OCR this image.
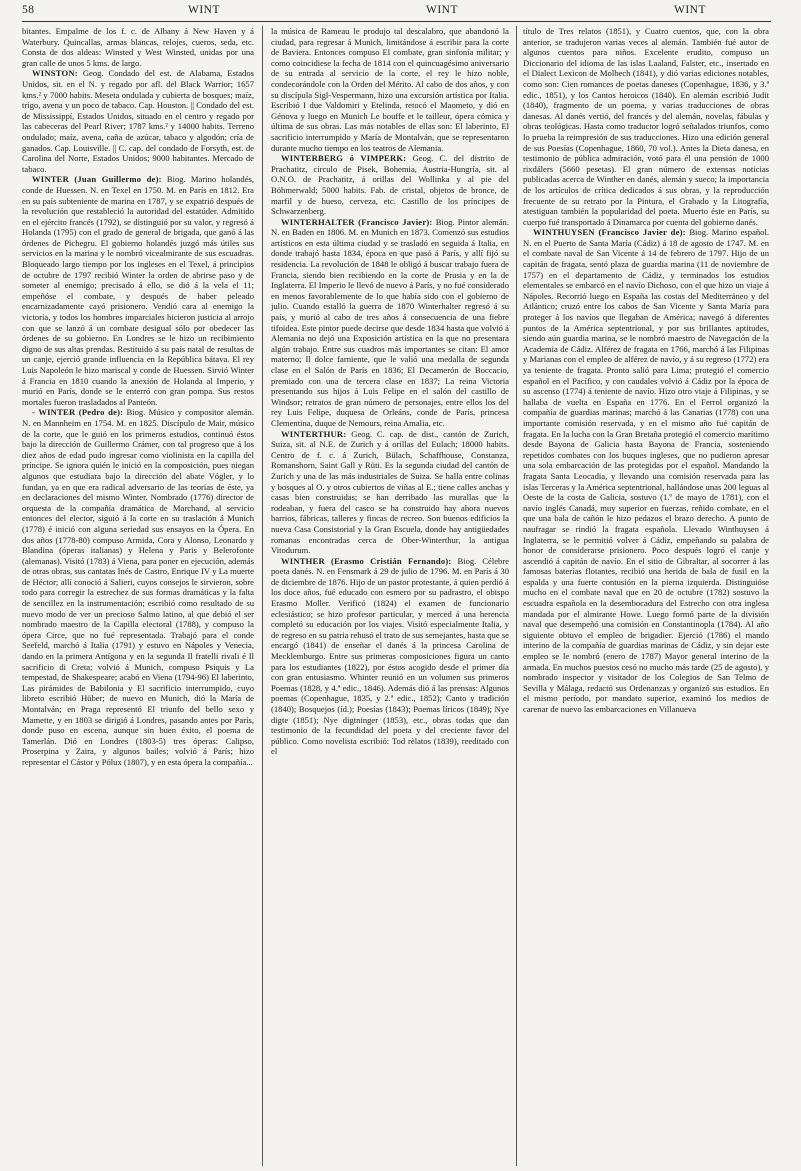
58	WINT	WINT	WINT

bitantes. Empalme de los f. c. de Albany á New Haven y á Waterbury. Quincallas, armas blancas, relojes, cueros, seda, etc. Consta de dos aldeas: Winsted y West Winsted, unidas por una gran calle de unos 5 kms. de largo.

WINSTON: Geog. Condado del est. de Alabama, Estados Unidos, sit. en el N. y regado por afl. del Black Warrior; 1657 kms.² y 7000 habits. Meseta ondulada y cubierta de bosques; maíz, trigo, avena y un poco de tabaco. Cap. Houston. || Condado del est. de Mississippí, Estados Unidos, situado en el centro y regado por las cabeceras del Pearl River; 1787 kms.² y 14000 habits. Terreno ondulado; maíz, avena, caña de azúcar, tabaco y algodón; cría de ganados. Cap. Louisville. || C. cap. del condado de Forsyth, est. de Carolina del Norte, Estados Unidos; 9000 habitantes. Mercado de tabaco.

WINTER (Juan Guillermo de): Biog. Marino holandés, conde de Huessen. N. en Texel en 1750. M. en París en 1812. Era en su país subteniente de marina en 1787, y se expatrió después de la revolución que restableció la autoridad del estatúder. Admitido en el ejército francés (1792), se distinguió por su valor, y regresó á Holanda (1795) con el grado de general de brigada, que ganó á las órdenes de Pichegru. El gobierno holandés juzgó más útiles sus servicios en la marina y le nombró vicealmirante de sus escuadras. Bloqueado largo tiempo por los ingleses en el Texel, á principios de octubre de 1797 recibió Winter la orden de abrirse paso y de someter al enemigo; precisado á ello, se dió á la vela el 11; empeñóse el combate, y después de haber peleado encarnizadamente cayó prisionero. Vendió cara al enemigo la victoria, y todos los hombres imparciales hicieron justicia al arrojo con que se lanzó á un combate desigual sólo por obedecer las órdenes de su gobierno. En Londres se le hizo un recibimiento digno de sus altas prendas. Restituido á su país natal de resultas de un canje, ejerció grande influencia en la República bátava. El rey Luis Napoleón le hizo mariscal y conde de Huessen. Sirvió Winter á Francia en 1810 cuando la anexión de Holanda al Imperio, y murió en París, donde se le enterró con gran pompa. Sus restos mortales fueron trasladados al Panteón.

- WINTER (Pedro de): Biog. Músico y compositor alemán. N. en Mannheim en 1754. M. en 1825. Discípulo de Mair, músico de la corte, que le guió en los primeros estudios, continuó éstos bajo la dirección de Guillermo Crámer, con tal progreso que á los diez años de edad pudo ingresar como violinista en la capilla del príncipe. Se ignora quién le inició en la composición, pues niegan algunos que estudiara bajo la dirección del abate Vógler, y lo fundan, ya en que era radical adversario de las teorías de éste, ya en declaraciones del mismo Winter. Nombrado (1776) director de orquesta de la compañía dramática de Marchand, al servicio entonces del elector, siguió á la corte en su traslación á Munich (1778) é inició con alguna seriedad sus ensayos en la Ópera. En dos años (1778-80) compuso Armida, Cora y Alonso, Leonardo y Blandina (óperas italianas) y Helena y Paris y Belerofonte (alemanas). Visitó (1783) á Viena, para poner en ejecución, además de otras obras, sus cantatas Inés de Castro, Enrique IV y La muerte de Héctor; allí conoció á Salieri, cuyos consejos le sirvieron, sobre todo para corregir la estrechez de sus formas dramáticas y la falta de sencillez en la instrumentación; escribió como resultado de su nuevo modo de ver un precioso Salmo latino, al que debió el ser nombrado maestro de la Capilla electoral (1788), y compuso la ópera Circe, que no fué representada. Trabajó para el conde Seefeld, marchó á Italia (1791) y estuvo en Nápoles y Venecia, dando en la primera Antígona y en la segunda Il fratelli rivali é Il sacrificio di Creta; volvió á Munich, compuso Psiquis y La tempestad, de Shakespeare; acabó en Viena (1794-96) El laberinto, Las pirámides de Babilonia y El sacrificio interrumpido, cuyo libreto escribió Hüber; de nuevo en Munich, dió la María de Montalván; en Praga representó El triunfo del bello sexo y Mamette, y en 1803 se dirigió á Londres, pasando antes por París, donde puso en escena, aunque sin buen éxito, el poema de Tamerlán. Dió en Londres (1803-5) tres óperas: Calipso, Proserpina y Zaira, y algunos bailes; volvió á París; hizo representar el Cástor y Pólux (1807), y en esta ópera la compañía...

la música de Rameau le produjo tal descalabro, que abandonó la ciudad, para regresar á Munich, limitándose á escribir para la corte de Baviera. Entonces compuso El combate, gran sinfonía militar; y como coincidiese la fecha de 1814 con el quincuagésimo aniversario de su entrada al servicio de la corte, el rey le hizo noble, condecorándole con la Orden del Mérito. Al cabo de dos años, y con su discípula Sigl-Vespermann, hizo una excursión artística por Italia. Escribió I due Valdomiri y Etelinda, retocó el Maometo, y dió en Génova y luego en Munich Le bouffe et le tailleur, ópera cómica y última de sus obras. Las más notables de ellas son: El laberinto, El sacrificio interrumpido y María de Montalván, que se representaron durante mucho tiempo en los teatros de Alemania.

WINTERBERG ó VIMPERK: Geog. C. del distrito de Prachatitz, círculo de Pisek, Bohemia, Austria-Hungría, sit. al O.N.O. de Prachatitz, á orillas del Wollinka y al pie del Böhmerwald; 5000 habits. Fab. de cristal, objetos de bronce, de marfil y de hueso, cerveza, etc. Castillo de los príncipes de Schwarzenberg.

WINTERHALTER (Francisco Javier): Biog. Pintor alemán. N. en Baden en 1806. M. en Munich en 1873. Comenzó sus estudios artísticos en esta última ciudad y se trasladó en seguida á Italia, en donde trabajó hasta 1834, época en que pasó á París, y allí fijó su residencia. La revolución de 1848 le obligó á buscar trabajo fuera de Francia, siendo bien recibiendo en la corte de Prusia y en la de Inglaterra. El Imperio le llevó de nuevo á París, y no fué considerado en menos favorablemente de lo que había sido con el gobierno de julio. Cuando estalló la guerra de 1870 Winterhalter regresó á su país, y murió al cabo de tres años á consecuencia de una fiebre tifoidea. Este pintor puede decirse que desde 1834 hasta que volvió á Alemania no dejó una Exposición artística en la que no presentara algún trabajo. Entre sus cuadros más importantes se citan: El amor materno; Il dolce farniente, que le valió una medalla de segunda clase en el Salón de París en 1836; El Decamerón de Boccacio, premiado con una de tercera clase en 1837; La reina Victoria presentando sus hijos á Luis Felipe en el salón del castillo de Windsor; retratos de gran número de personajes, entre ellos los del rey Luis Felipe, duquesa de Orleáns, conde de París, princesa Clementina, duque de Nemours, reina Amalia, etc.

WINTERTHUR: Geog. C. cap. de dist., cantón de Zurich, Suiza, sit. al N.E. de Zurich y á orillas del Eulach; 18000 habits. Centro de f. c. á Zurich, Bülach, Schaffhouse, Constanza, Romanshorn, Saint Gall y Rüti. Es la segunda ciudad del cantón de Zurich y una de las más industriales de Suiza. Se halla entre colinas y bosques al O. y otros cubiertos de viñas al E.; tiene calles anchas y casas bien construidas; se han derribado las murallas que la rodeaban, y fuera del casco se ha construido hay ahora nuevos barrios, fábricas, talleres y fincas de recreo. Son buenos edificios la nueva Casa Consistorial y la Gran Escuela, donde hay antigüedades romanas encontradas cerca de Ober-Winterthur, la antigua Vitodurum.

WINTHER (Erasmo Cristián Fernando): Biog. Célebre poeta danés. N. en Fensmark á 29 de julio de 1796. M. en París á 30 de diciembre de 1876. Hijo de un pastor protestante, á quien perdió á los doce años, fué educado con esmero por su padrastro, el obispo Erasmo Moller. Verificó (1824) el examen de funcionario eclesiástico; se hizo profesor particular, y merced á una herencia completó su educación por los viajes. Visitó especialmente Italia, y de regreso en su patria rehusó el trato de sus semejantes, hasta que se encargó (1841) de enseñar el danés á la princesa Carolina de Mecklemburgo. Entre sus primeras composiciones figura un canto para los estudiantes (1822), por éstos acogido desde el primer día con gran entusiasmo. Whinter reunió en un volumen sus primeros Poemas (1828, y 4.ª edic., 1846). Además dió á las prensas: Algunos poemas (Copenhague, 1835, y 2.ª edic., 1852); Canto y tradición (1840); Bosquejos (íd.); Poesías (1843); Poemas líricos (1849); Nye digte (1851); Nye digtninger (1853), etc., obras todas que dan testimonio de la fecundidad del poeta y del creciente favor del público. Como novelista escribió: Tod rèlatos (1839), reeditado con el

título de Tres relatos (1851), y Cuatro cuentos, que, con la obra anterior, se tradujeron varias veces al alemán. También fué autor de algunos cuentos para niños. Excelente erudito, compuso un Diccionario del idioma de las islas Laaland, Falster, etc., insertado en el Dialect Lexicon de Molbech (1841), y dió varias ediciones notables, como son: Cien romances de poetas daneses (Copenhague, 1836, y 3.ª edic., 1851), y los Cantos heroicos (1840). En alemán escribió Judit (1840), fragmento de un poema, y varias traducciones de obras danesas. Al danés vertió, del francés y del alemán, novelas, fábulas y obras teológicas. Hasta como traductor logró señalados triunfos, como lo prueba la reimpresión de sus traducciones. Hizo una edición general de sus Poesías (Copenhague, 1860, 70 vol.). Antes la Dieta danesa, en testimonio de pública admiración, votó para él una pensión de 1000 rixdálers (5660 pesetas). El gran número de extensas noticias publicadas acerca de Winther en danés, alemán y sueco; la importancia de los artículos de crítica dedicados á sus obras, y la reproducción frecuente de su retrato por la Pintura, el Grabado y la Litografía, atestiguan también la popularidad del poeta. Muerto éste en París, su cuerpo fué transportado á Dinamarca por cuenta del gobierno danés.

WINTHUYSEN (Francisco Javier de): Biog. Marino español. N. en el Puerto de Santa María (Cádiz) á 18 de agosto de 1747. M. en el combate naval de San Vicente á 14 de febrero de 1797. Hijo de un capitán de fragata, sentó plaza de guardia marina (11 de noviembre de 1757) en el departamento de Cádiz, y terminados los estudios elementales se embarcó en el navío Dichoso, con el que hizo un viaje á Nápoles. Recorrió luego en España las costas del Mediterráneo y del Atlántico; cruzó entre los cabos de San Vicente y Santa María para proteger á los navíos que llegaban de América; navegó á diferentes puntos de la América septentrional, y por sus brillantes aptitudes, siendo aún guardia marina, se le nombró maestro de Navegación de la Academia de Cádiz. Alférez de fragata en 1766, marchó á las Filipinas y Marianas con el empleo de alférez de navío, y á su regreso (1772) era ya teniente de fragata. Pronto salió para Lima; protegió el comercio español en el Pacífico, y con caudales volvió á Cádiz por la época de su ascenso (1774) á teniente de navío. Hizo otro viaje á Filipinas, y se hallaba de vuelta en España en 1776. En el Ferrol organizó la compañía de guardias marinas; marchó á las Canarias (1778) con una importante comisión reservada, y en el mismo año fué capitán de fragata. En la lucha con la Gran Bretaña protegió el comercio marítimo desde Bayona de Galicia hasta Bayona de Francia, sosteniendo repetidos combates con los buques ingleses, que no pudieron apresar una sola embarcación de las protegidas por el español. Mandando la fragata Santa Leocadia, y llevando una comisión reservada para las islas Terceras y la América septentrional, hallándose unas 200 leguas al Oeste de la costa de Galicia, sostuvo (1.º de mayo de 1781), con el navío inglés Canadá, muy superior en fuerzas, reñido combate, en el que una bala de cañón le hizo pedazos el brazo derecho. A punto de naufragar se rindió la fragata española. Llevado Winthuysen á Inglaterra, se le permitió volver á Cádiz, empeñando su palabra de honor de considerarse prisionero. Poco después logró el canje y ascendió á capitán de navío. En el sitio de Gibraltar, al socorrer á las famosas baterías flotantes, recibió una herida de bala de fusil en la espalda y una fuerte contusión en la pierna izquierda. Distinguióse mucho en el combate naval que en 20 de octubre (1782) sostuvo la escuadra española en la desembocadura del Estrecho con otra inglesa mandada por el almirante Howe. Luego formó parte de la división naval que desempeñó una comisión en Constantinopla (1784). Al año siguiente obtuvo el empleo de brigadier. Ejerció (1786) el mando interino de la compañía de guardias marinas de Cádiz, y sin dejar este empleo se le nombró (enero de 1787) Mayor general interino de la armada. En muchos puestos cesó no mucho más tarde (25 de agosto), y nombrado inspector y visitador de los Colegios de San Telmo de Sevilla y Málaga, redactó sus Ordenanzas y organizó sus estudios. En el mismo período, por mandato superior, examinó los medios de carenar de nuevo las embarcaciones en Villanueva
